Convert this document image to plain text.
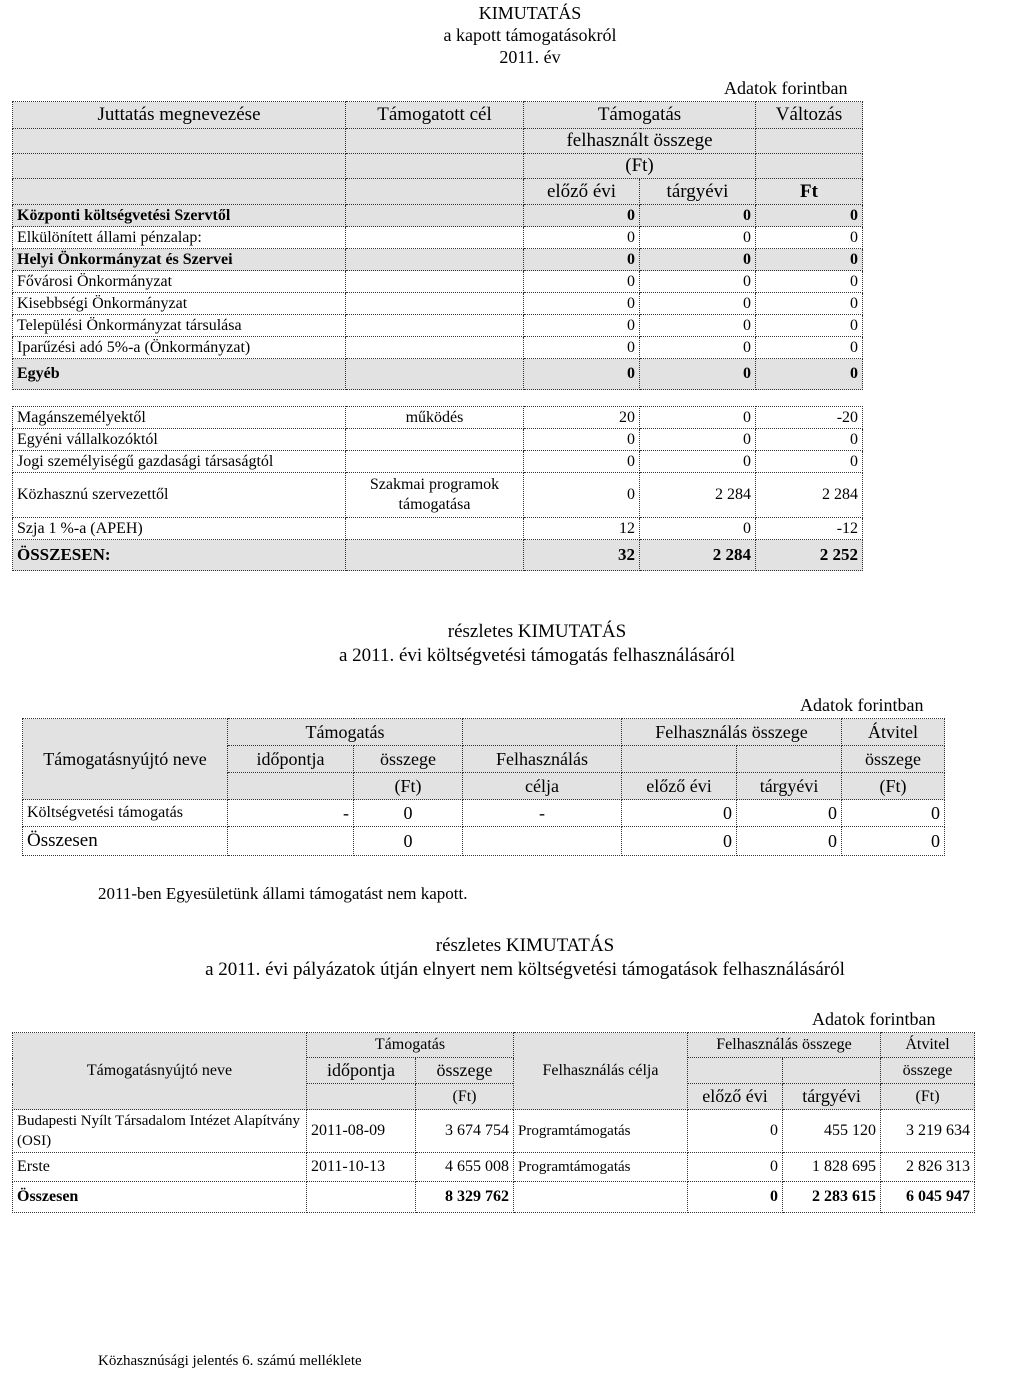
KIMUTATÁS
a kapott támogatásokról
2011. év
Adatok forintban
Juttatás megnevezése	Támogatott cél	Támogatás		Változás
		felhasznált összege		
		(Ft)		
		előző évi	tárgyévi	Ft
Központi költségvetési Szervtől		0	0	0
Elkülönített állami pénzalap:		0	0	0
Helyi Önkormányzat és Szervei		0	0	0
Fővárosi Önkormányzat		0	0	0
Kisebbségi Önkormányzat		0	0	0
Települési Önkormányzat társulása		0	0	0
Iparűzési adó 5%-a (Önkormányzat)		0	0	0
Egyéb		0	0	0

Magánszemélyektől	működés	20	0	-20
Egyéni vállalkozóktól		0	0	0
Jogi személyiségű gazdasági társaságtól		0	0	0
Közhasznú szervezettől	Szakmai programok támogatása	0	2 284	2 284
Szja 1 %-a (APEH)		12	0	-12
ÖSSZESEN:		32	2 284	2 252
részletes KIMUTATÁS
a 2011. évi költségvetési támogatás felhasználásáról
Adatok forintban
Támogatásnyújtó neve	Támogatás			Felhasználás összege		Átvitel
	időpontja	összege	Felhasználás			összege
		(Ft)	célja	előző évi	tárgyévi	(Ft)
Költségvetési támogatás	-	0	-	0	0	0
Összesen		0		0	0	0
2011-ben Egyesületünk állami támogatást nem kapott.
részletes KIMUTATÁS
a 2011. évi pályázatok útján elnyert nem költségvetési támogatások felhasználásáról
Adatok forintban
Támogatásnyújtó neve	Támogatás		Felhasználás célja	Felhasználás összege		Átvitel
	időpontja	összege				összege
		(Ft)		előző évi	tárgyévi	(Ft)
Budapesti Nyílt Társadalom Intézet Alapítvány (OSI)	2011-08-09	3 674 754	Programtámogatás	0	455 120	3 219 634
Erste	2011-10-13	4 655 008	Programtámogatás	0	1 828 695	2 826 313
Összesen		8 329 762		0	2 283 615	6 045 947
Közhasznúsági jelentés 6. számú melléklete
